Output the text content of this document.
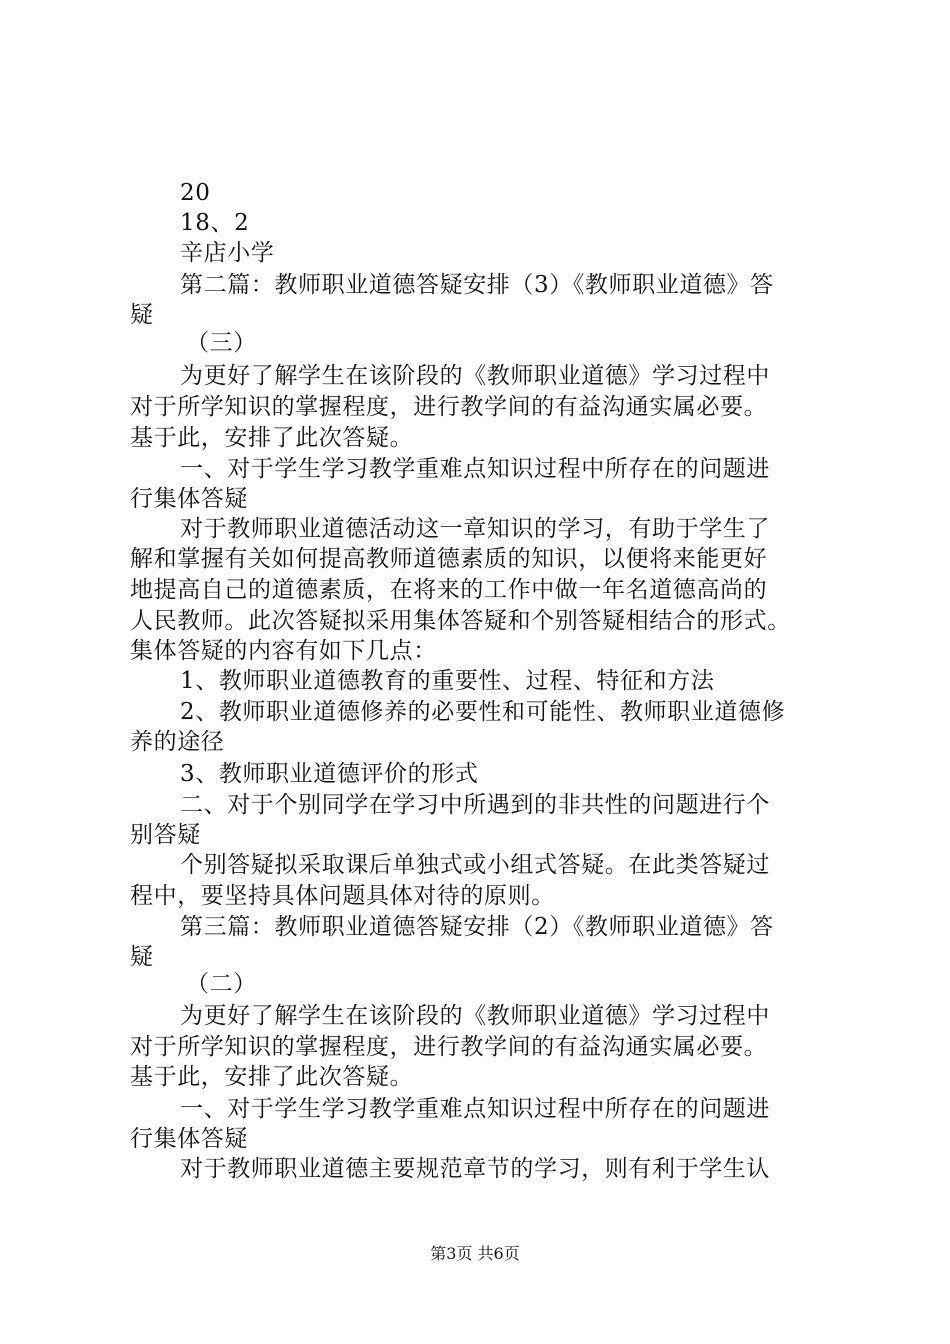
20
18、2
辛店小学
第二篇：教师职业道德答疑安排（3）《教师职业道德》答
疑
（三）
为更好了解学生在该阶段的《教师职业道德》学习过程中
对于所学知识的掌握程度，进行教学间的有益沟通实属必要。
基于此，安排了此次答疑。
一、对于学生学习教学重难点知识过程中所存在的问题进
行集体答疑
对于教师职业道德活动这一章知识的学习，有助于学生了
解和掌握有关如何提高教师道德素质的知识，以便将来能更好
地提高自己的道德素质，在将来的工作中做一年名道德高尚的
人民教师。此次答疑拟采用集体答疑和个别答疑相结合的形式。
集体答疑的内容有如下几点：
1、教师职业道德教育的重要性、过程、特征和方法
2、教师职业道德修养的必要性和可能性、教师职业道德修
养的途径
3、教师职业道德评价的形式
二、对于个别同学在学习中所遇到的非共性的问题进行个
别答疑
个别答疑拟采取课后单独式或小组式答疑。在此类答疑过
程中，要坚持具体问题具体对待的原则。
第三篇：教师职业道德答疑安排（2）《教师职业道德》答
疑
（二）
为更好了解学生在该阶段的《教师职业道德》学习过程中
对于所学知识的掌握程度，进行教学间的有益沟通实属必要。
基于此，安排了此次答疑。
一、对于学生学习教学重难点知识过程中所存在的问题进
行集体答疑
对于教师职业道德主要规范章节的学习，则有利于学生认
第3页 共6页
